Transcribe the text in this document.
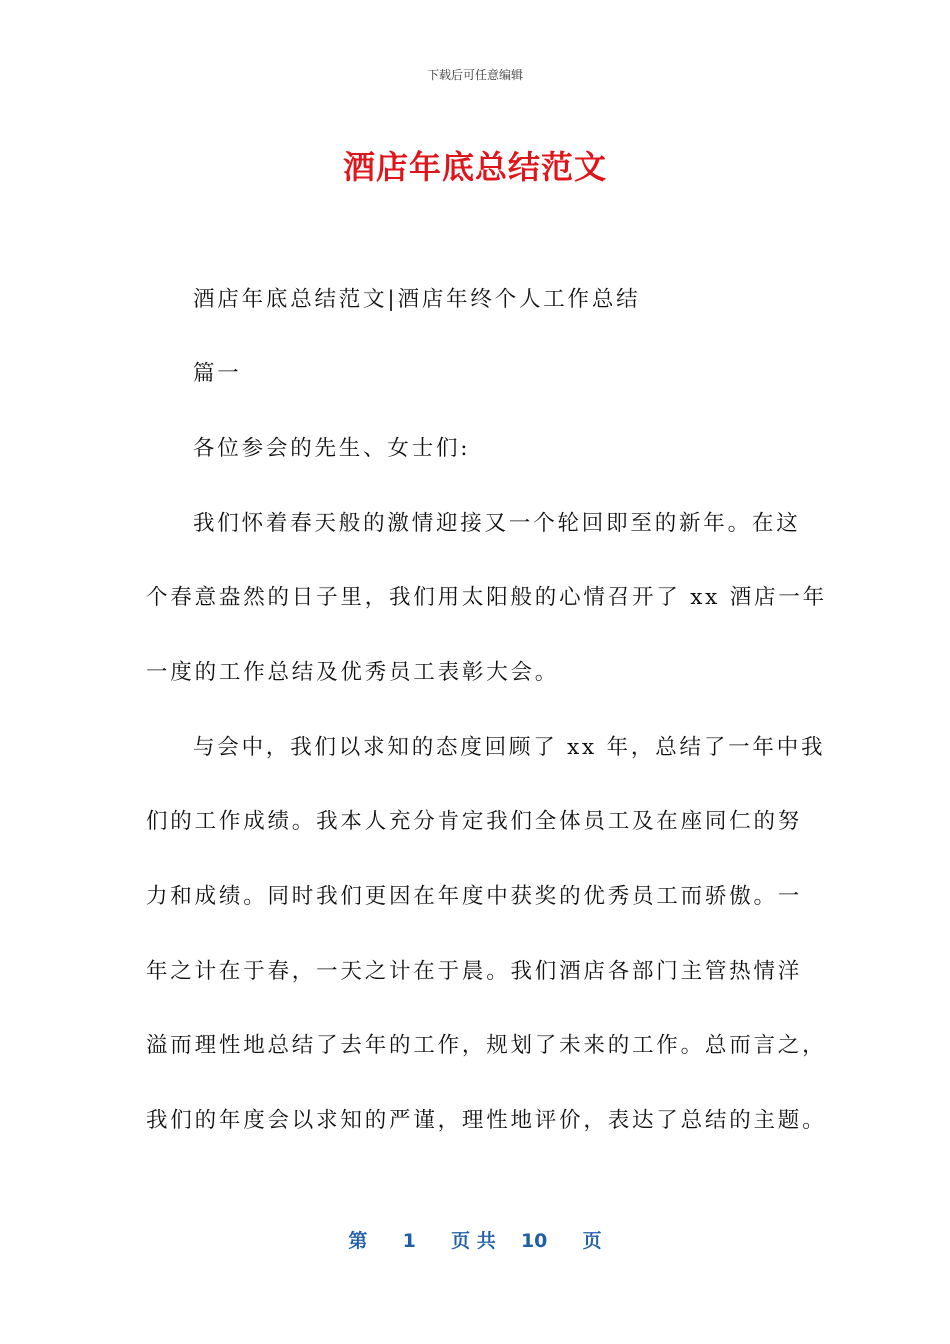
下载后可任意编辑
酒店年底总结范文
酒店年底总结范文|酒店年终个人工作总结
篇一
各位参会的先生、女士们:
我们怀着春天般的激情迎接又一个轮回即至的新年。在这
个春意盎然的日子里，我们用太阳般的心情召开了 xx 酒店一年
一度的工作总结及优秀员工表彰大会。
与会中，我们以求知的态度回顾了 xx 年，总结了一年中我
们的工作成绩。我本人充分肯定我们全体员工及在座同仁的努
力和成绩。同时我们更因在年度中获奖的优秀员工而骄傲。一
年之计在于春，一天之计在于晨。我们酒店各部门主管热情洋
溢而理性地总结了去年的工作，规划了未来的工作。总而言之，
我们的年度会以求知的严谨，理性地评价，表达了总结的主题。
第 1 页 共 10 页
